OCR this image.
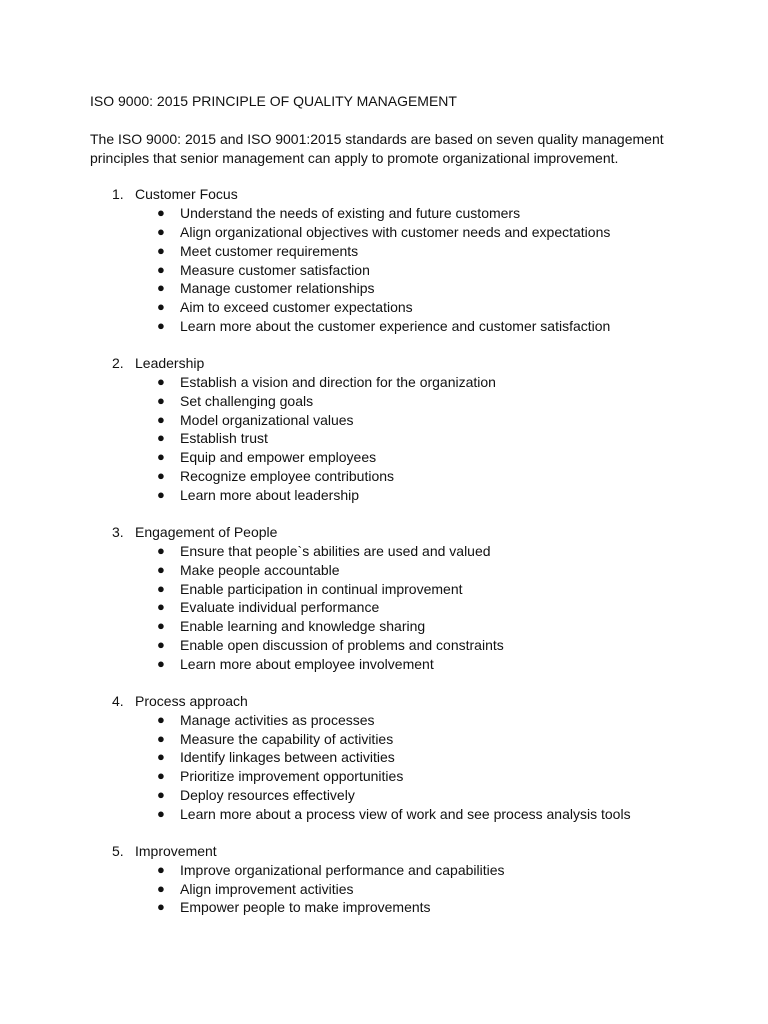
ISO 9000: 2015 PRINCIPLE OF QUALITY MANAGEMENT

The ISO 9000: 2015 and ISO 9001:2015 standards are based on seven quality management principles that senior management can apply to promote organizational improvement.

1. Customer Focus
● Understand the needs of existing and future customers
● Align organizational objectives with customer needs and expectations
● Meet customer requirements
● Measure customer satisfaction
● Manage customer relationships
● Aim to exceed customer expectations
● Learn more about the customer experience and customer satisfaction
2. Leadership
● Establish a vision and direction for the organization
● Set challenging goals
● Model organizational values
● Establish trust
● Equip and empower employees
● Recognize employee contributions
● Learn more about leadership
3. Engagement of People
● Ensure that people`s abilities are used and valued
● Make people accountable
● Enable participation in continual improvement
● Evaluate individual performance
● Enable learning and knowledge sharing
● Enable open discussion of problems and constraints
● Learn more about employee involvement
4. Process approach
● Manage activities as processes
● Measure the capability of activities
● Identify linkages between activities
● Prioritize improvement opportunities
● Deploy resources effectively
● Learn more about a process view of work and see process analysis tools
5. Improvement
● Improve organizational performance and capabilities
● Align improvement activities
● Empower people to make improvements
